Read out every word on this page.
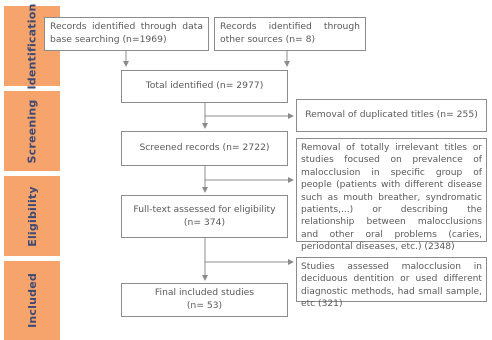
Identification
Screening
Eligibility
Included
Records identified through data base searching (n=1969)
Records identified through other sources (n= 8)
Total identified (n= 2977)
Removal of duplicated titles (n= 255)
Screened records (n= 2722)	Removal of totally irrelevant titles or studies focused on prevalence of malocclusion in specific group of people (patients with different disease such as mouth breather, syndromatic patients,...) or describing the relationship between malocclusions and other oral problems (caries, periodontal diseases, etc.) (2348)
Full-text assessed for eligibility
(n= 374)
Studies assessed malocclusion in deciduous dentition or used different diagnostic methods, had small sample, etc (321)
Final included studies
(n= 53)
